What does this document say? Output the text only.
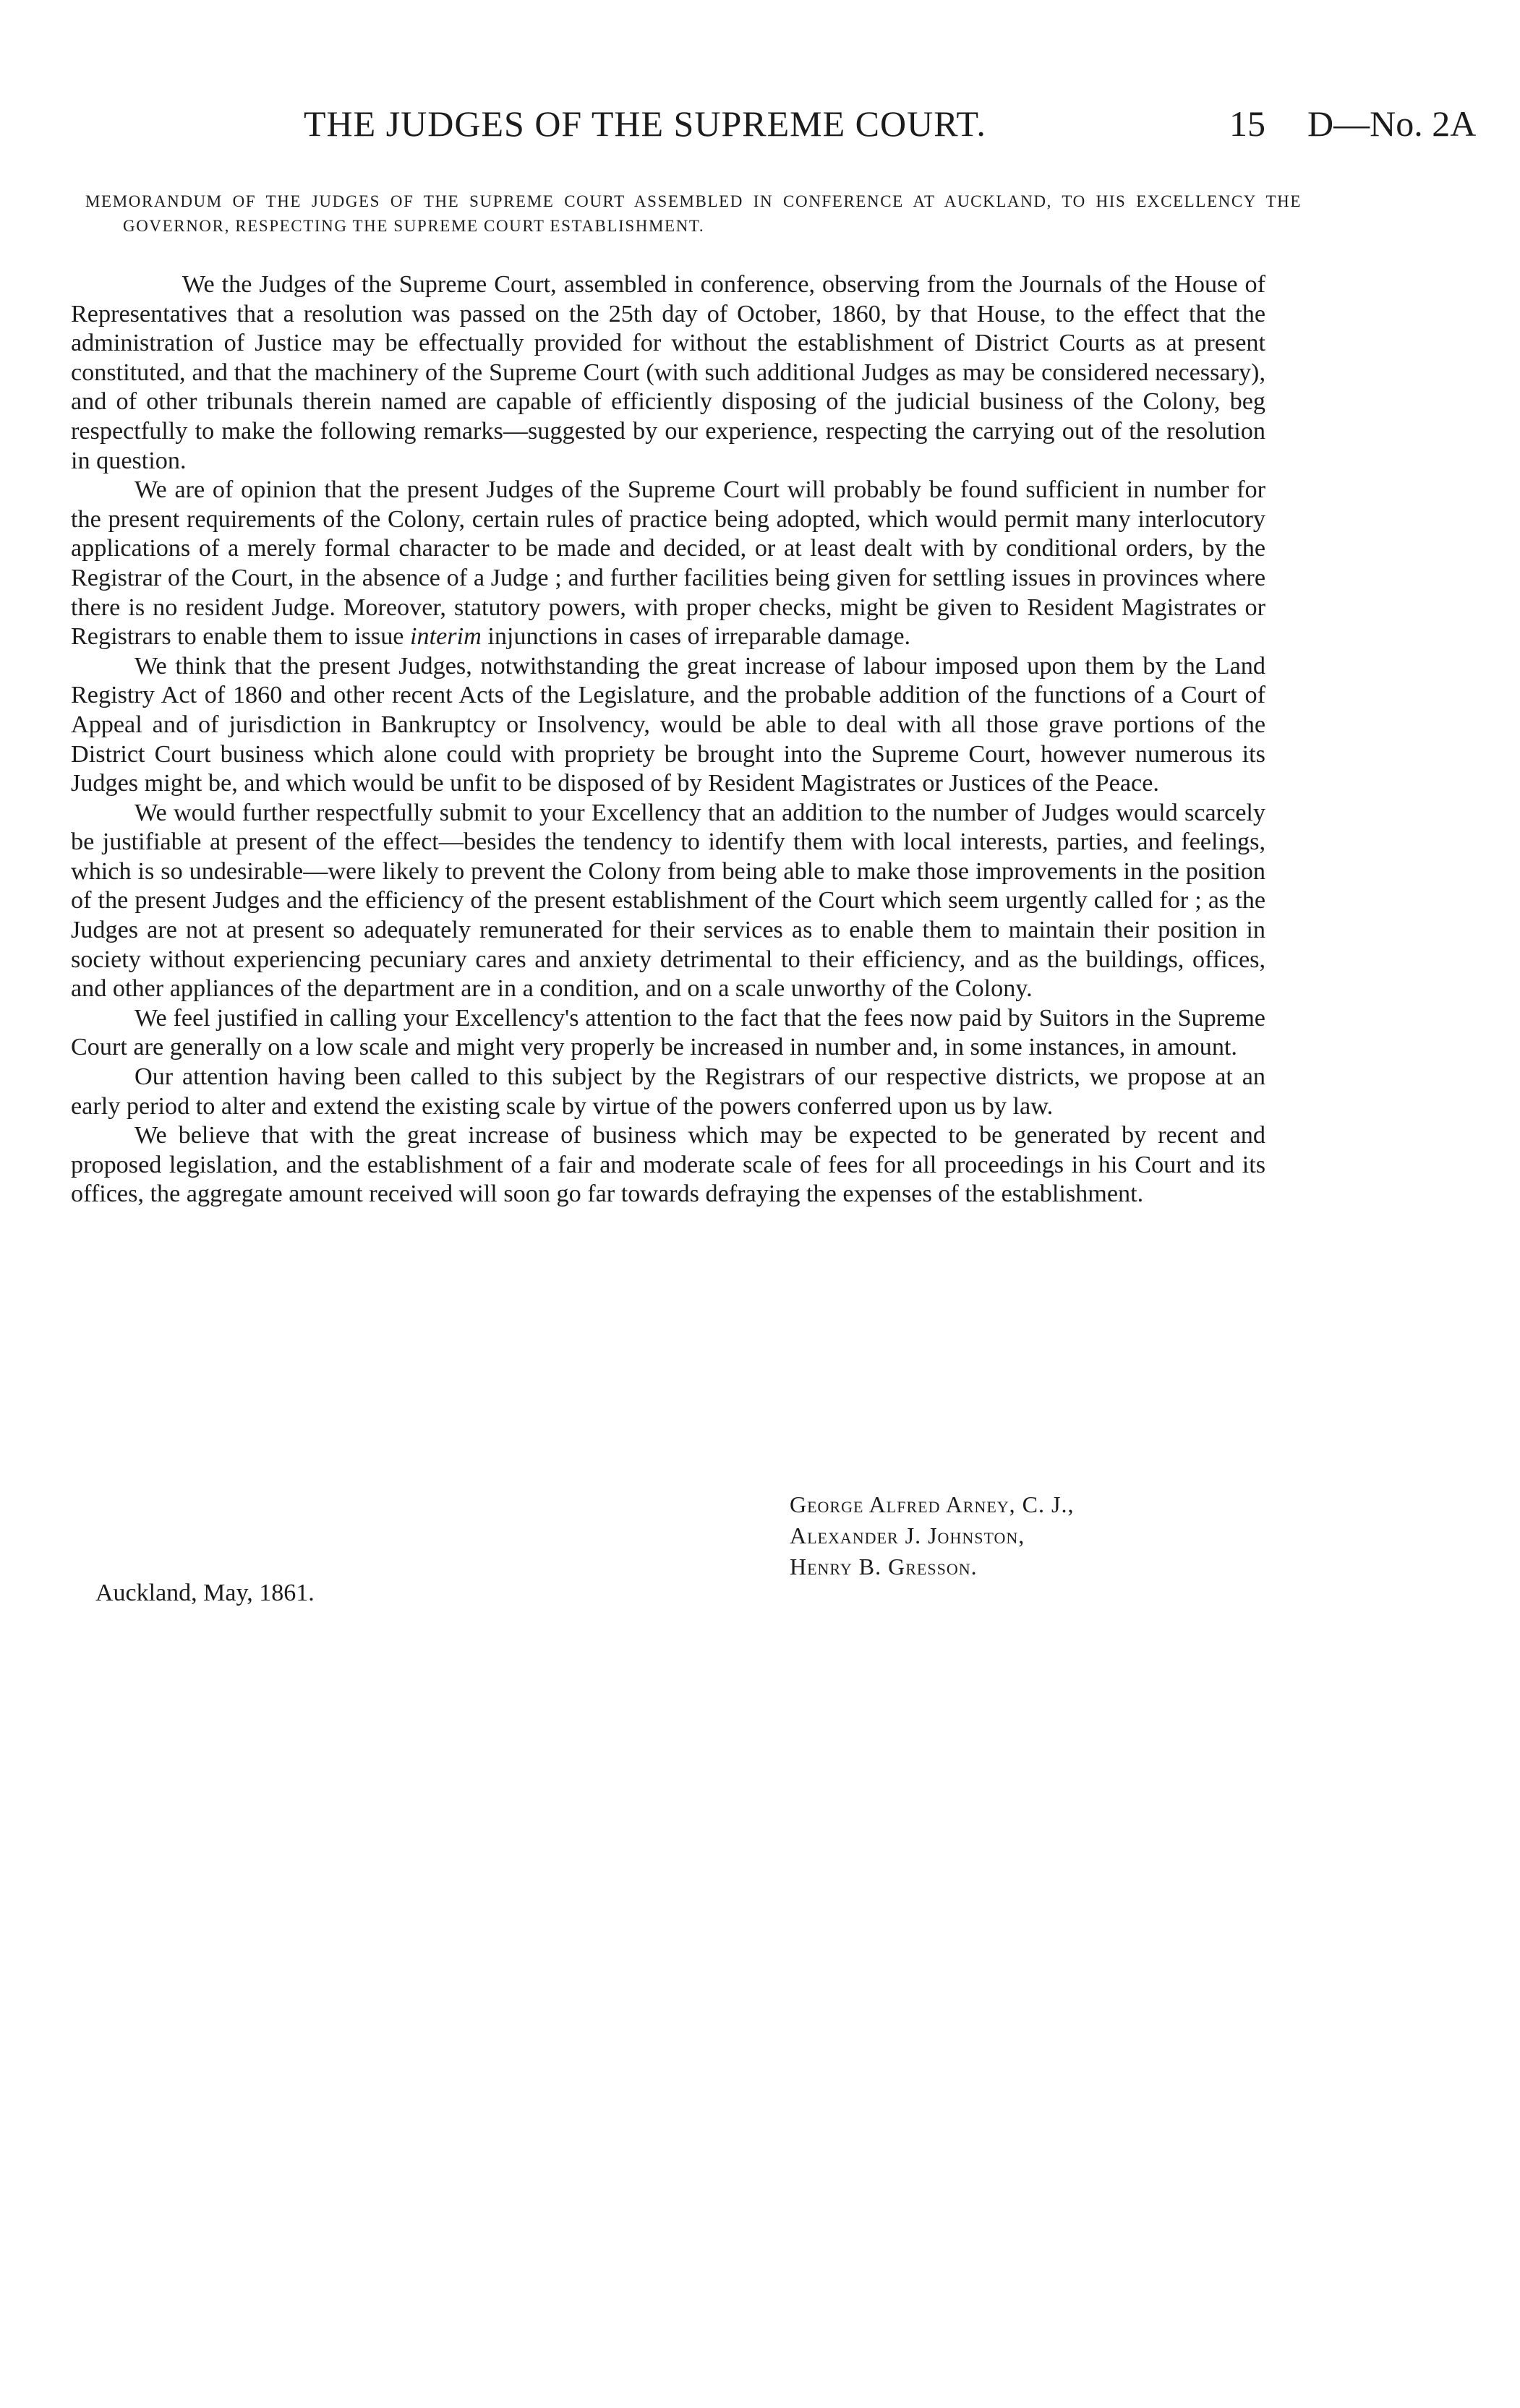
THE JUDGES OF THE SUPREME COURT.	15 D—No. 2A
MEMORANDUM OF THE JUDGES OF THE SUPREME COURT ASSEMBLED IN CONFERENCE AT AUCKLAND, TO HIS EXCELLENCY THE GOVERNOR, RESPECTING THE SUPREME COURT ESTABLISHMENT.

We the Judges of the Supreme Court, assembled in conference, observing from the Journals of the House of Representatives that a resolution was passed on the 25th day of October, 1860, by that House, to the effect that the administration of Justice may be effectually provided for without the establishment of District Courts as at present constituted, and that the machinery of the Supreme Court (with such additional Judges as may be considered necessary), and of other tribunals therein named are capable of efficiently disposing of the judicial business of the Colony, beg respectfully to make the following remarks—suggested by our experience, respecting the carrying out of the resolution in question.

We are of opinion that the present Judges of the Supreme Court will probably be found sufficient in number for the present requirements of the Colony, certain rules of practice being adopted, which would permit many interlocutory applications of a merely formal character to be made and decided, or at least dealt with by conditional orders, by the Registrar of the Court, in the absence of a Judge ; and further facilities being given for settling issues in provinces where there is no resident Judge. Moreover, statutory powers, with proper checks, might be given to Resident Magistrates or Registrars to enable them to issue interim injunctions in cases of irreparable damage.

We think that the present Judges, notwithstanding the great increase of labour imposed upon them by the Land Registry Act of 1860 and other recent Acts of the Legislature, and the probable addition of the functions of a Court of Appeal and of jurisdiction in Bankruptcy or Insolvency, would be able to deal with all those grave portions of the District Court business which alone could with propriety be brought into the Supreme Court, however numerous its Judges might be, and which would be unfit to be disposed of by Resident Magistrates or Justices of the Peace.

We would further respectfully submit to your Excellency that an addition to the number of Judges would scarcely be justifiable at present of the effect—besides the tendency to identify them with local interests, parties, and feelings, which is so undesirable—were likely to prevent the Colony from being able to make those improvements in the position of the present Judges and the efficiency of the present establishment of the Court which seem urgently called for ; as the Judges are not at present so adequately remunerated for their services as to enable them to maintain their position in society without experiencing pecuniary cares and anxiety detrimental to their efficiency, and as the buildings, offices, and other appliances of the department are in a condition, and on a scale unworthy of the Colony.

We feel justified in calling your Excellency's attention to the fact that the fees now paid by Suitors in the Supreme Court are generally on a low scale and might very properly be increased in number and, in some instances, in amount.

Our attention having been called to this subject by the Registrars of our respective districts, we propose at an early period to alter and extend the existing scale by virtue of the powers conferred upon us by law.

We believe that with the great increase of business which may be expected to be generated by recent and proposed legislation, and the establishment of a fair and moderate scale of fees for all proceedings in his Court and its offices, the aggregate amount received will soon go far towards defraying the expenses of the establishment.

George Alfred Arney, C. J.,
Alexander J. Johnston,
Henry B. Gresson.
Auckland, May, 1861.
